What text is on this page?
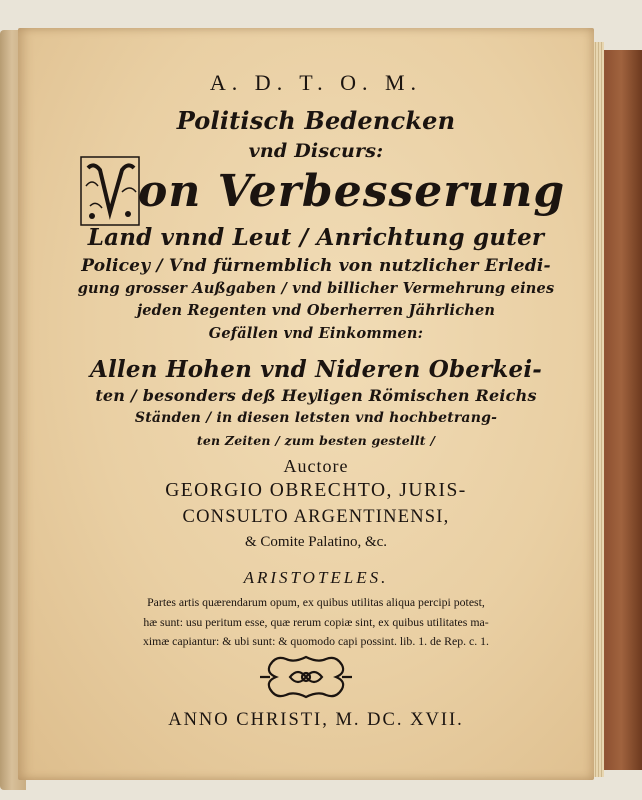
A. D. T. O. M.
Politisch Bedencken
vnd Discurs:
V on Verbesserung
Land vnnd Leut / Anrichtung guter
Policey / Vnd fürnemblich von nutzlicher Erledi-
gung grosser Außgaben / vnd billicher Vermehrung eines
jeden Regenten vnd Oberherren Jährlichen
Gefällen vnd Einkommen:
Allen Hohen vnd Nideren Oberkei-
ten / besonders deß Heyligen Römischen Reichs
Ständen / in diesen letsten vnd hochbetrang-
ten Zeiten / zum besten gestellt /
Auctore
GEORGIO OBRECHTO, JURIS-
CONSULTO ARGENTINENSI,
& Comite Palatino, &c.
ARISTOTELES.
Partes artis quærendarum opum, ex quibus utilitas aliqua percipi potest,
hæ sunt: usu peritum esse, quæ rerum copiæ sint, ex quibus utilitates ma-
ximæ capiantur: & ubi sunt: & quomodo capi possint. lib. 1. de Rep. c. 1.
ANNO CHRISTI, M. DC. XVII.
